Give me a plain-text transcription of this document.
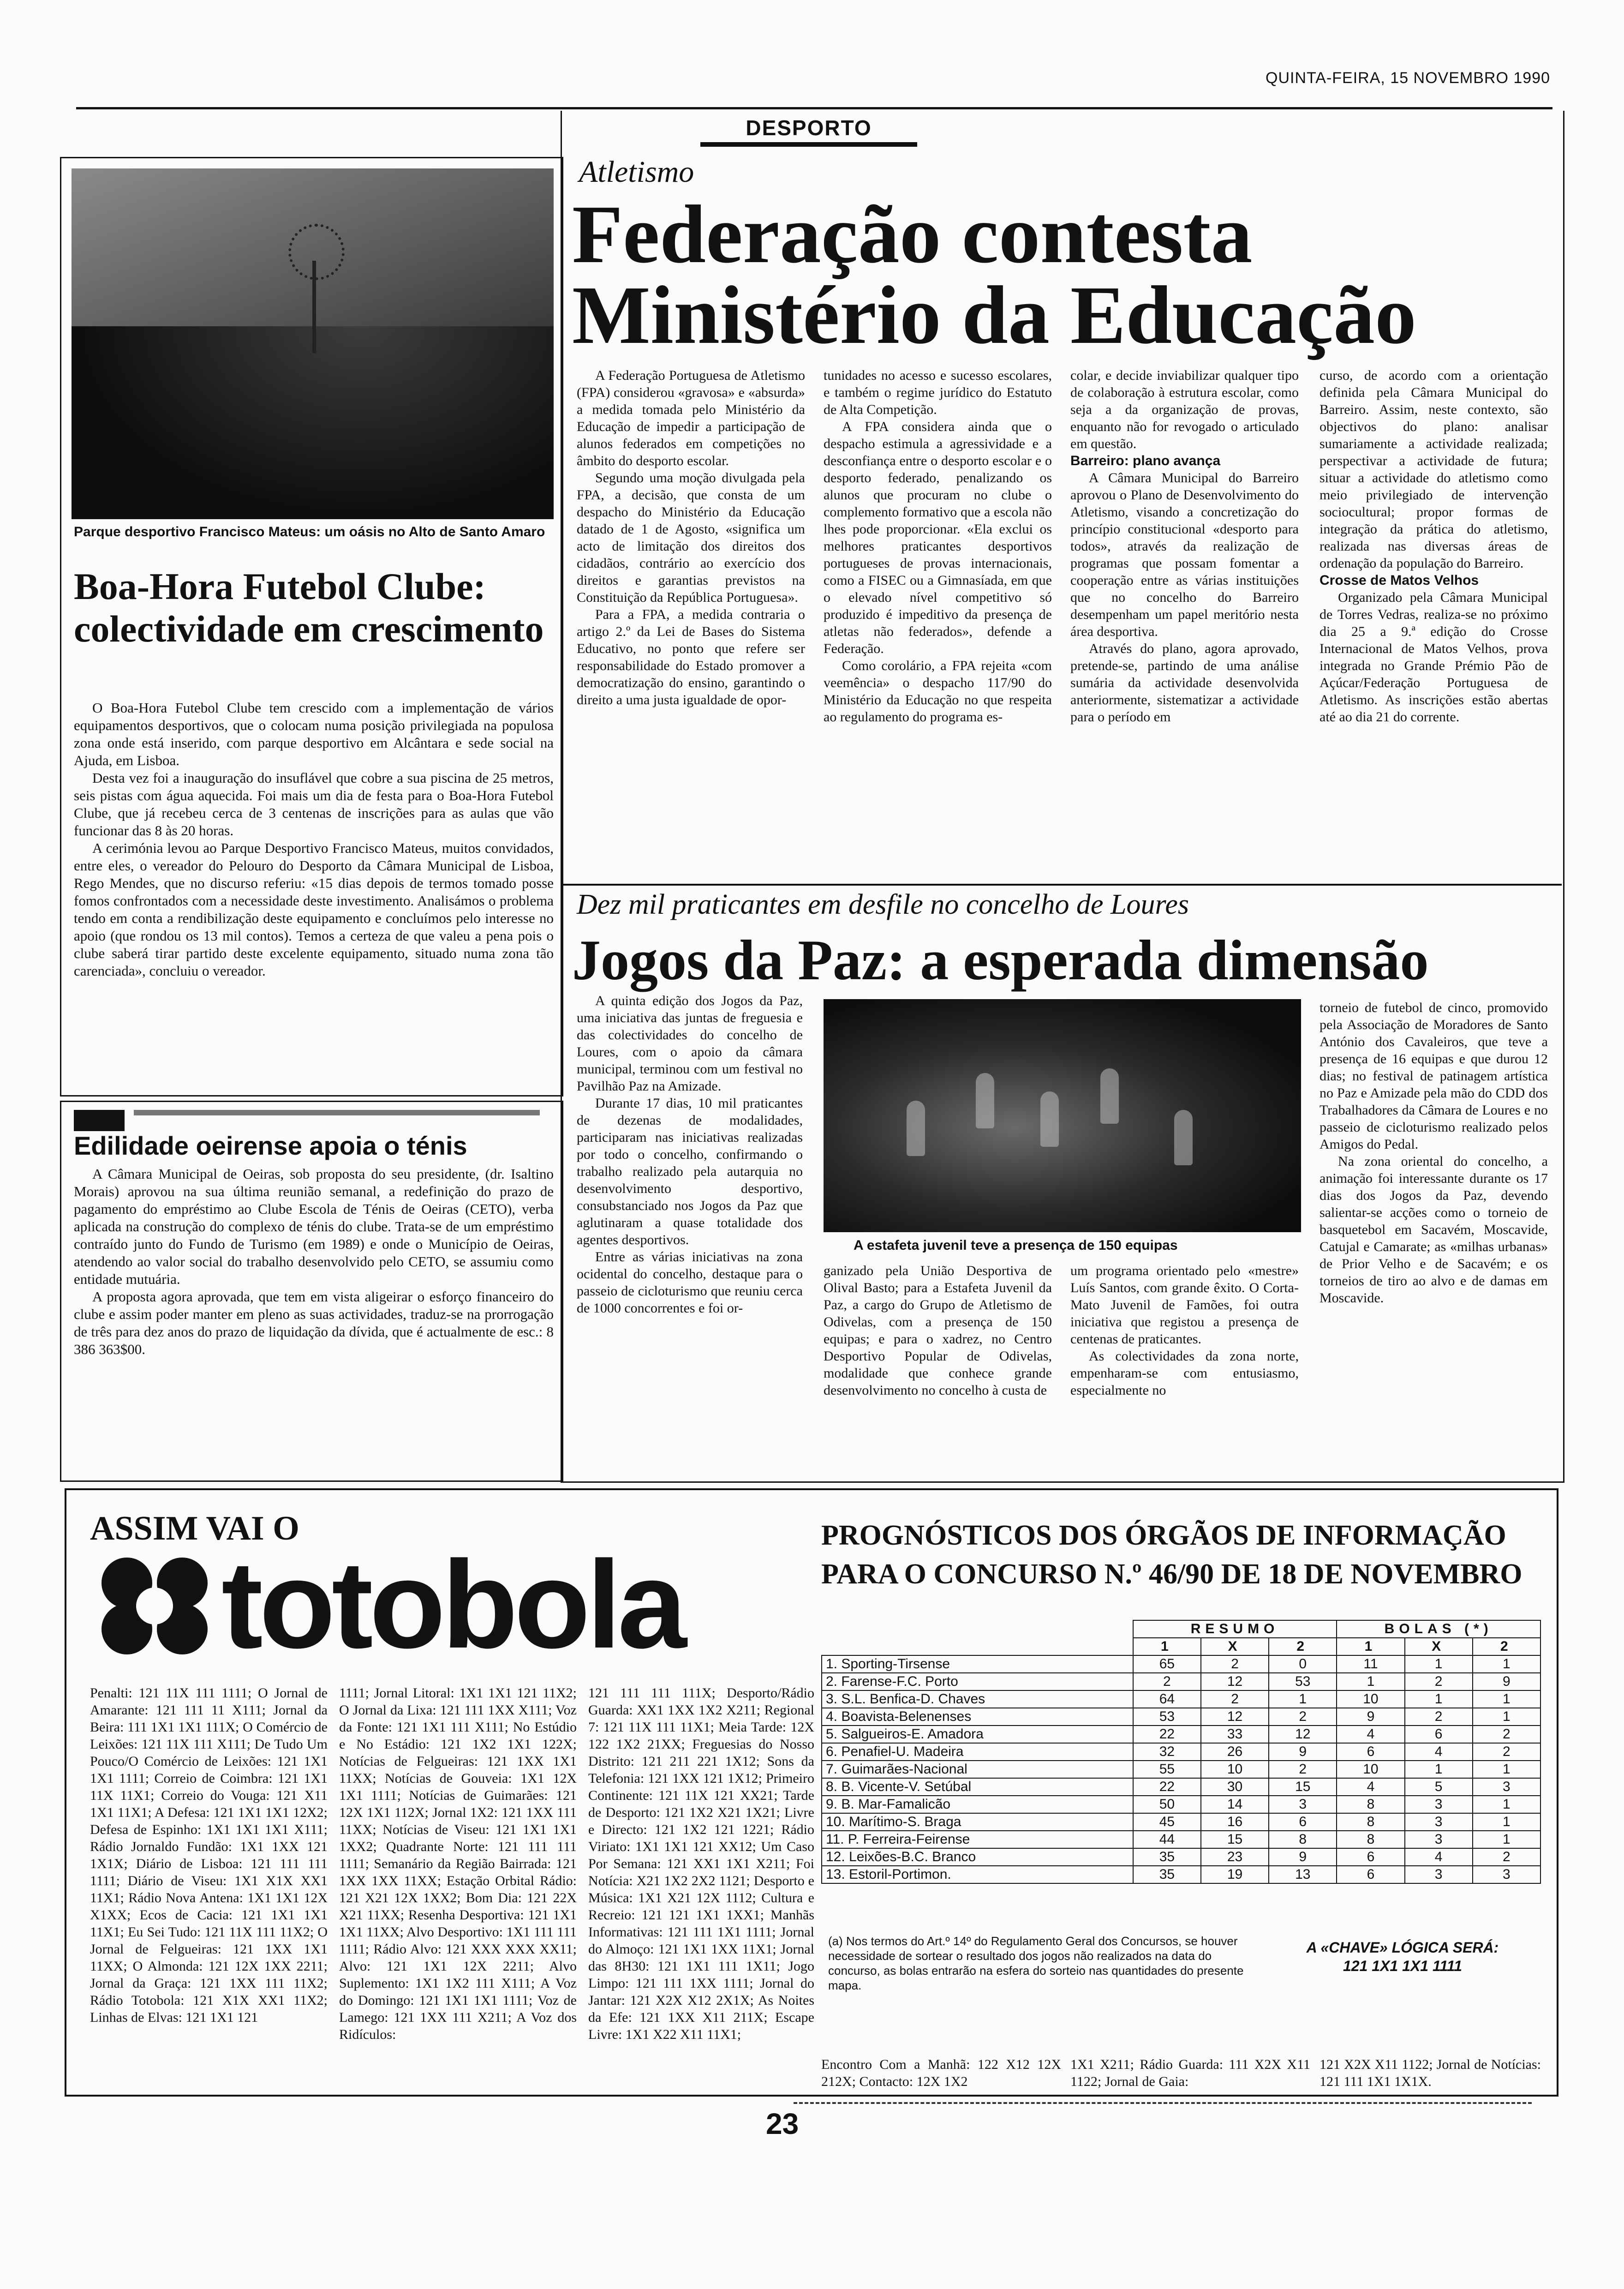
QUINTA-FEIRA, 15 NOVEMBRO 1990
DESPORTO
Parque desportivo Francisco Mateus: um oásis no Alto de Santo Amaro
Boa-Hora Futebol Clube: colectividade em crescimento

O Boa-Hora Futebol Clube tem crescido com a implementação de vários equipamentos desportivos, que o colocam numa posição privilegiada na populosa zona onde está inserido, com parque desportivo em Alcântara e sede social na Ajuda, em Lisboa.

Desta vez foi a inauguração do insuflável que cobre a sua piscina de 25 metros, seis pistas com água aquecida. Foi mais um dia de festa para o Boa-Hora Futebol Clube, que já recebeu cerca de 3 centenas de inscrições para as aulas que vão funcionar das 8 às 20 horas.

A cerimónia levou ao Parque Desportivo Francisco Mateus, muitos convidados, entre eles, o vereador do Pelouro do Desporto da Câmara Municipal de Lisboa, Rego Mendes, que no discurso referiu: «15 dias depois de termos tomado posse fomos confrontados com a necessidade deste investimento. Analisámos o problema tendo em conta a rendibilização deste equipamento e concluímos pelo interesse no apoio (que rondou os 13 mil contos). Temos a certeza de que valeu a pena pois o clube saberá tirar partido deste excelente equipamento, situado numa zona tão carenciada», concluiu o vereador.

Edilidade oeirense apoia o ténis

A Câmara Municipal de Oeiras, sob proposta do seu presidente, (dr. Isaltino Morais) aprovou na sua última reunião semanal, a redefinição do prazo de pagamento do empréstimo ao Clube Escola de Ténis de Oeiras (CETO), verba aplicada na construção do complexo de ténis do clube. Trata-se de um empréstimo contraído junto do Fundo de Turismo (em 1989) e onde o Município de Oeiras, atendendo ao valor social do trabalho desenvolvido pelo CETO, se assumiu como entidade mutuária.

A proposta agora aprovada, que tem em vista aligeirar o esforço financeiro do clube e assim poder manter em pleno as suas actividades, traduz-se na prorrogação de três para dez anos do prazo de liquidação da dívida, que é actualmente de esc.: 8 386 363$00.

Atletismo
Federação contesta Ministério da Educação

A Federação Portuguesa de Atletismo (FPA) considerou «gravosa» e «absurda» a medida tomada pelo Ministério da Educação de impedir a participação de alunos federados em competições no âmbito do desporto escolar.

Segundo uma moção divulgada pela FPA, a decisão, que consta de um despacho do Ministério da Educação datado de 1 de Agosto, «significa um acto de limitação dos direitos dos cidadãos, contrário ao exercício dos direitos e garantias previstos na Constituição da República Portuguesa».

Para a FPA, a medida contraria o artigo 2.º da Lei de Bases do Sistema Educativo, no ponto que refere ser responsabilidade do Estado promover a democratização do ensino, garantindo o direito a uma justa igualdade de opor-

tunidades no acesso e sucesso escolares, e também o regime jurídico do Estatuto de Alta Competição.

A FPA considera ainda que o despacho estimula a agressividade e a desconfiança entre o desporto escolar e o desporto federado, penalizando os alunos que procuram no clube o complemento formativo que a escola não lhes pode proporcionar. «Ela exclui os melhores praticantes desportivos portugueses de provas internacionais, como a FISEC ou a Gimnasíada, em que o elevado nível competitivo só produzido é impeditivo da presença de atletas não federados», defende a Federação.

Como corolário, a FPA rejeita «com veemência» o despacho 117/90 do Ministério da Educação no que respeita ao regulamento do programa es-

colar, e decide inviabilizar qualquer tipo de colaboração à estrutura escolar, como seja a da organização de provas, enquanto não for revogado o articulado em questão.

Barreiro: plano avança

A Câmara Municipal do Barreiro aprovou o Plano de Desenvolvimento do Atletismo, visando a concretização do princípio constitucional «desporto para todos», através da realização de programas que possam fomentar a cooperação entre as várias instituições que no concelho do Barreiro desempenham um papel meritório nesta área desportiva.

Através do plano, agora aprovado, pretende-se, partindo de uma análise sumária da actividade desenvolvida anteriormente, sistematizar a actividade para o período em

curso, de acordo com a orientação definida pela Câmara Municipal do Barreiro. Assim, neste contexto, são objectivos do plano: analisar sumariamente a actividade realizada; perspectivar a actividade de futura; situar a actividade do atletismo como meio privilegiado de intervenção sociocultural; propor formas de integração da prática do atletismo, realizada nas diversas áreas de ordenação da população do Barreiro.

Crosse de Matos Velhos

Organizado pela Câmara Municipal de Torres Vedras, realiza-se no próximo dia 25 a 9.ª edição do Crosse Internacional de Matos Velhos, prova integrada no Grande Prémio Pão de Açúcar/Federação Portuguesa de Atletismo. As inscrições estão abertas até ao dia 21 do corrente.

Dez mil praticantes em desfile no concelho de Loures
Jogos da Paz: a esperada dimensão

A quinta edição dos Jogos da Paz, uma iniciativa das juntas de freguesia e das colectividades do concelho de Loures, com o apoio da câmara municipal, terminou com um festival no Pavilhão Paz na Amizade.

Durante 17 dias, 10 mil praticantes de dezenas de modalidades, participaram nas iniciativas realizadas por todo o concelho, confirmando o trabalho realizado pela autarquia no desenvolvimento desportivo, consubstanciado nos Jogos da Paz que aglutinaram a quase totalidade dos agentes desportivos.

Entre as várias iniciativas na zona ocidental do concelho, destaque para o passeio de cicloturismo que reuniu cerca de 1000 concorrentes e foi or-

A estafeta juvenil teve a presença de 150 equipas

ganizado pela União Desportiva de Olival Basto; para a Estafeta Juvenil da Paz, a cargo do Grupo de Atletismo de Odivelas, com a presença de 150 equipas; e para o xadrez, no Centro Desportivo Popular de Odivelas, modalidade que conhece grande desenvolvimento no concelho à custa de

um programa orientado pelo «mestre» Luís Santos, com grande êxito. O Corta-Mato Juvenil de Famões, foi outra iniciativa que registou a presença de centenas de praticantes.

As colectividades da zona norte, empenharam-se com entusiasmo, especialmente no

torneio de futebol de cinco, promovido pela Associação de Moradores de Santo António dos Cavaleiros, que teve a presença de 16 equipas e que durou 12 dias; no festival de patinagem artística no Paz e Amizade pela mão do CDD dos Trabalhadores da Câmara de Loures e no passeio de cicloturismo realizado pelos Amigos do Pedal.

Na zona oriental do concelho, a animação foi interessante durante os 17 dias dos Jogos da Paz, devendo salientar-se acções como o torneio de basquetebol em Sacavém, Moscavide, Catujal e Camarate; as «milhas urbanas» de Prior Velho e de Sacavém; e os torneios de tiro ao alvo e de damas em Moscavide.

ASSIM VAI O
totobola	PROGNÓSTICOS DOS ÓRGÃOS DE INFORMAÇÃO
PARA O CONCURSO N.º 46/90 DE 18 DE NOVEMBRO
Penalti: 121 11X 111 1111; O Jornal de Amarante: 121 111 11 X111; Jornal da Beira: 111 1X1 1X1 111X; O Comércio de Leixões: 121 11X 111 X111; De Tudo Um Pouco/O Comércio de Leixões: 121 1X1 1X1 1111; Correio de Coimbra: 121 1X1 11X 11X1; Correio do Vouga: 121 X11 1X1 11X1; A Defesa: 121 1X1 1X1 12X2; Defesa de Espinho: 1X1 1X1 1X1 X111; Rádio Jornaldo Fundão: 1X1 1XX 121 1X1X; Diário de Lisboa: 121 111 111 1111; Diário de Viseu: 1X1 X1X XX1 11X1; Rádio Nova Antena: 1X1 1X1 12X X1XX; Ecos de Cacia: 121 1X1 1X1 11X1; Eu Sei Tudo: 121 11X 111 11X2; O Jornal de Felgueiras: 121 1XX 1X1 11XX; O Almonda: 121 12X 1XX 2211; Jornal da Graça: 121 1XX 111 11X2; Rádio Totobola: 121 X1X XX1 11X2; Linhas de Elvas: 121 1X1 121
1111; Jornal Litoral: 1X1 1X1 121 11X2; O Jornal da Lixa: 121 111 1XX X111; Voz da Fonte: 121 1X1 111 X111; No Estúdio e No Estádio: 121 1X2 1X1 122X; Notícias de Felgueiras: 121 1XX 1X1 11XX; Notícias de Gouveia: 1X1 12X 1X1 1111; Notícias de Guimarães: 121 12X 1X1 112X; Jornal 1X2: 121 1XX 111 11XX; Notícias de Viseu: 121 1X1 1X1 1XX2; Quadrante Norte: 121 111 111 1111; Semanário da Região Bairrada: 121 1XX 1XX 11XX; Estação Orbital Rádio: 121 X21 12X 1XX2; Bom Dia: 121 22X X21 11XX; Resenha Desportiva: 121 1X1 1X1 11XX; Alvo Desportivo: 1X1 111 111 1111; Rádio Alvo: 121 XXX XXX XX11; Alvo: 121 1X1 12X 2211; Alvo Suplemento: 1X1 1X2 111 X111; A Voz do Domingo: 121 1X1 1X1 1111; Voz de Lamego: 121 1XX 111 X211; A Voz dos Ridículos:
121 111 111 111X; Desporto/Rádio Guarda: XX1 1XX 1X2 X211; Regional 7: 121 11X 111 11X1; Meia Tarde: 12X 122 1X2 21XX; Freguesias do Nosso Distrito: 121 211 221 1X12; Sons da Telefonia: 121 1XX 121 1X12; Primeiro Continente: 121 11X 121 XX21; Tarde de Desporto: 121 1X2 X21 1X21; Livre e Directo: 121 1X2 121 1221; Rádio Viriato: 1X1 1X1 121 XX12; Um Caso Por Semana: 121 XX1 1X1 X211; Foi Notícia: X21 1X2 2X2 1121; Desporto e Música: 1X1 X21 12X 1112; Cultura e Recreio: 121 121 1X1 1XX1; Manhãs Informativas: 121 111 1X1 1111; Jornal do Almoço: 121 1X1 1XX 11X1; Jornal das 8H30: 121 1X1 111 1X11; Jogo Limpo: 121 111 1XX 1111; Jornal do Jantar: 121 X2X X12 2X1X; As Noites da Efe: 121 1XX X11 211X; Escape Livre: 1X1 X22 X11 11X1;
	RESUMO			BOLAS (*)		
	1	X	2	1	X	2
1. Sporting-Tirsense	65	2	0	11	1	1
2. Farense-F.C. Porto	2	12	53	1	2	9
3. S.L. Benfica-D. Chaves	64	2	1	10	1	1
4. Boavista-Belenenses	53	12	2	9	2	1
5. Salgueiros-E. Amadora	22	33	12	4	6	2
6. Penafiel-U. Madeira	32	26	9	6	4	2
7. Guimarães-Nacional	55	10	2	10	1	1
8. B. Vicente-V. Setúbal	22	30	15	4	5	3
9. B. Mar-Famalicão	50	14	3	8	3	1
10. Marítimo-S. Braga	45	16	6	8	3	1
11. P. Ferreira-Feirense	44	15	8	8	3	1
12. Leixões-B.C. Branco	35	23	9	6	4	2
13. Estoril-Portimon.	35	19	13	6	3	3
(a) Nos termos do Art.º 14º do Regulamento Geral dos Concursos, se houver necessidade de sortear o resultado dos jogos não realizados na data do concurso, as bolas entrarão na esfera do sorteio nas quantidades do presente mapa.
A «CHAVE» LÓGICA SERÁ:
121 1X1 1X1 1111
Encontro Com a Manhã: 122 X12 12X 212X; Contacto: 12X 1X2
1X1 X211; Rádio Guarda: 111 X2X X11 1122; Jornal de Gaia:
121 X2X X11 1122; Jornal de Notícias: 121 111 1X1 1X1X.
23
